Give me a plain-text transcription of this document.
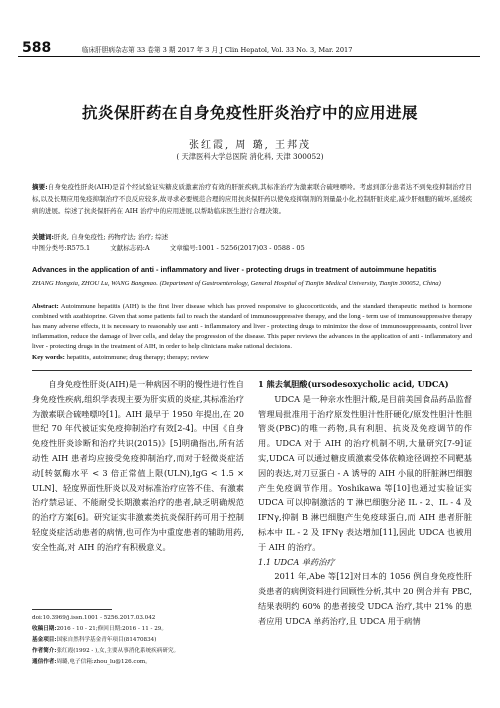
588	临床肝胆病杂志第 33 卷第 3 期 2017 年 3 月 J Clin Hepatol, Vol. 33 No. 3, Mar. 2017
抗炎保肝药在自身免疫性肝炎治疗中的应用进展
张红霞, 周 璐, 王邦茂
( 天津医科大学总医院 消化科, 天津 300052)
摘要:自身免疫性肝炎(AIH)是首个经试验证实糖皮质激素治疗有效的肝脏疾病,其标准治疗为激素联合硫唑嘌呤。考虑到部分患者达不到免疫抑制治疗目标,以及长期应用免疫抑制治疗不良反应较多,故寻求必要规范合理的应用抗炎保肝药以使免疫抑制剂的剂量最小化,控制肝脏炎症,减少肝细胞的破坏,延缓疾病的进展。综述了抗炎保肝药在 AIH 治疗中的应用进展,以帮助临床医生进行合理决策。
关键词:肝炎, 自身免疫性; 药物疗法; 治疗; 综述
中图分类号:R575.1	文献标志码:A	文章编号:1001 - 5256(2017)03 - 0588 - 05
Advances in the application of anti - inflammatory and liver - protecting drugs in treatment of autoimmune hepatitis
ZHANG Hongxia, ZHOU Lu, WANG Bangmao. (Department of Gastroenterology, General Hospital of Tianjin Medical University, Tianjin 300052, China)
Abstract: Autoimmune hepatitis (AIH) is the first liver disease which has proved responsive to glucocorticoids, and the standard therapeutic method is hormone combined with azathioprine. Given that some patients fail to reach the standard of immunosuppressive therapy, and the long - term use of immunosuppressive therapy has many adverse effects, it is necessary to reasonably use anti - inflammatory and liver - protecting drugs to minimize the dose of immunosuppressants, control liver inflammation, reduce the damage of liver cells, and delay the progression of the disease. This paper reviews the advances in the application of anti - inflammatory and liver - protecting drugs in the treatment of AIH, in order to help clinicians make rational decisions.
Key words: hepatitis, autoimmune; drug therapy; therapy; review
自身免疫性肝炎(AIH)是一种病因不明的慢性进行性自身免疫性疾病,组织学表现主要为肝实质的炎症,其标准治疗为激素联合硫唑嘌呤[1]。AIH 最早于 1950 年提出,在 20 世纪 70 年代被证实免疫抑制治疗有效[2-4]。中国《自身免疫性肝炎诊断和治疗共识(2015)》[5]明确指出,所有活动性 AIH 患者均应接受免疫抑制治疗,而对于轻微炎症活动[转氨酶水平 < 3 倍正常值上限(ULN),IgG < 1.5 × ULN]、轻度界面性肝炎以及对标准治疗应答不佳、有激素治疗禁忌证、不能耐受长期激素治疗的患者,缺乏明确规范的治疗方案[6]。研究证实非激素类抗炎保肝药可用于控制轻度炎症活动患者的病情,也可作为中重度患者的辅助用药,安全性高,对 AIH 的治疗有积极意义。
doi:10.3969/j.issn.1001 - 5256.2017.03.042
收稿日期:2016 - 10 - 21;修回日期:2016 - 11 - 29。
基金项目:国家自然科学基金青年项目(81470834)
作者简介:张红霞(1992 - ),女,主要从事消化系统疾病研究。
通信作者:周璐,电子信箱:zhou_lu@126.com。
1 熊去氧胆酸(ursodesoxycholic acid, UDCA)
UDCA 是一种亲水性胆汁酸,是目前美国食品药品监督管理局批准用于治疗原发性胆汁性肝硬化/原发性胆汁性胆管炎(PBC)的唯一药物,具有利胆、抗炎及免疫调节的作用。UDCA 对于 AIH 的治疗机制不明,大量研究[7-9]证实,UDCA 可以通过糖皮质激素受体依赖途径调控不同靶基因的表达,对刀豆蛋白 - A 诱导的 AIH 小鼠的肝脏淋巴细胞产生免疫调节作用。Yoshikawa 等[10]也通过实验证实 UDCA 可以抑制激活的 T 淋巴细胞分泌 IL - 2、IL - 4 及 IFNγ,抑制 B 淋巴细胞产生免疫球蛋白,而 AIH 患者肝脏标本中 IL - 2 及 IFNγ 表达增加[11],因此 UDCA 也被用于 AIH 的治疗。
1.1 UDCA 单药治疗
2011 年,Abe 等[12]对日本的 1056 例自身免疫性肝炎患者的病例资料进行回顾性分析,其中 20 例合并有 PBC,结果表明约 60% 的患者接受 UDCA 治疗,其中 21% 的患者应用 UDCA 单药治疗,且 UDCA 用于病情
